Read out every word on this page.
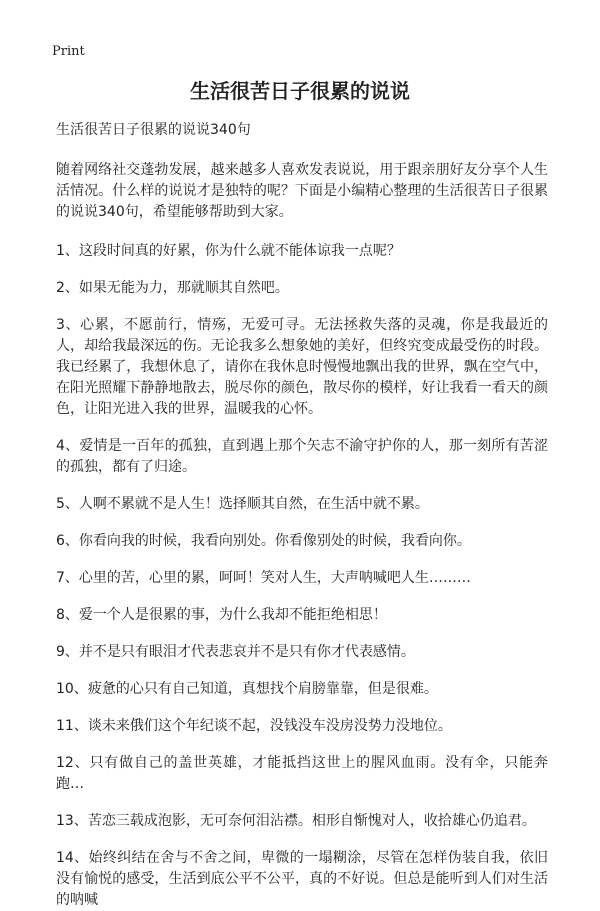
Print
生活很苦日子很累的说说

生活很苦日子很累的说说340句

随着网络社交蓬勃发展，越来越多人喜欢发表说说，用于跟亲朋好友分享个人生活情况。什么样的说说才是独特的呢？下面是小编精心整理的生活很苦日子很累的说说340句，希望能够帮助到大家。

1、这段时间真的好累，你为什么就不能体谅我一点呢？

2、如果无能为力，那就顺其自然吧。

3、心累，不愿前行，情殇，无爱可寻。无法拯救失落的灵魂，你是我最近的人，却给我最深远的伤。无论我多么想象她的美好，但终究变成最受伤的时段。我已经累了，我想休息了，请你在我休息时慢慢地飘出我的世界，飘在空气中，在阳光照耀下静静地散去，脱尽你的颜色，散尽你的模样，好让我看一看天的颜色，让阳光进入我的世界，温暖我的心怀。

4、爱情是一百年的孤独，直到遇上那个矢志不渝守护你的人，那一刻所有苦涩的孤独，都有了归途。

5、人啊不累就不是人生！选择顺其自然，在生活中就不累。

6、你看向我的时候，我看向别处。你看像别处的时候，我看向你。

7、心里的苦，心里的累，呵呵！笑对人生，大声呐喊吧人生………

8、爱一个人是很累的事，为什么我却不能拒绝相思！

9、并不是只有眼泪才代表悲哀并不是只有你才代表感情。

10、疲惫的心只有自己知道，真想找个肩膀靠靠，但是很难。

11、谈未来俄们这个年纪谈不起，没钱没车没房没势力没地位。

12、只有做自己的盖世英雄，才能抵挡这世上的腥风血雨。没有伞，只能奔跑…

13、苦恋三载成泡影，无可奈何泪沾襟。相形自惭愧对人，收拾雄心仍追君。

14、始终纠结在舍与不舍之间，卑微的一塌糊涂，尽管在怎样伪装自我，依旧没有愉悦的感受，生活到底公平不公平，真的不好说。但总是能听到人们对生活的呐喊
